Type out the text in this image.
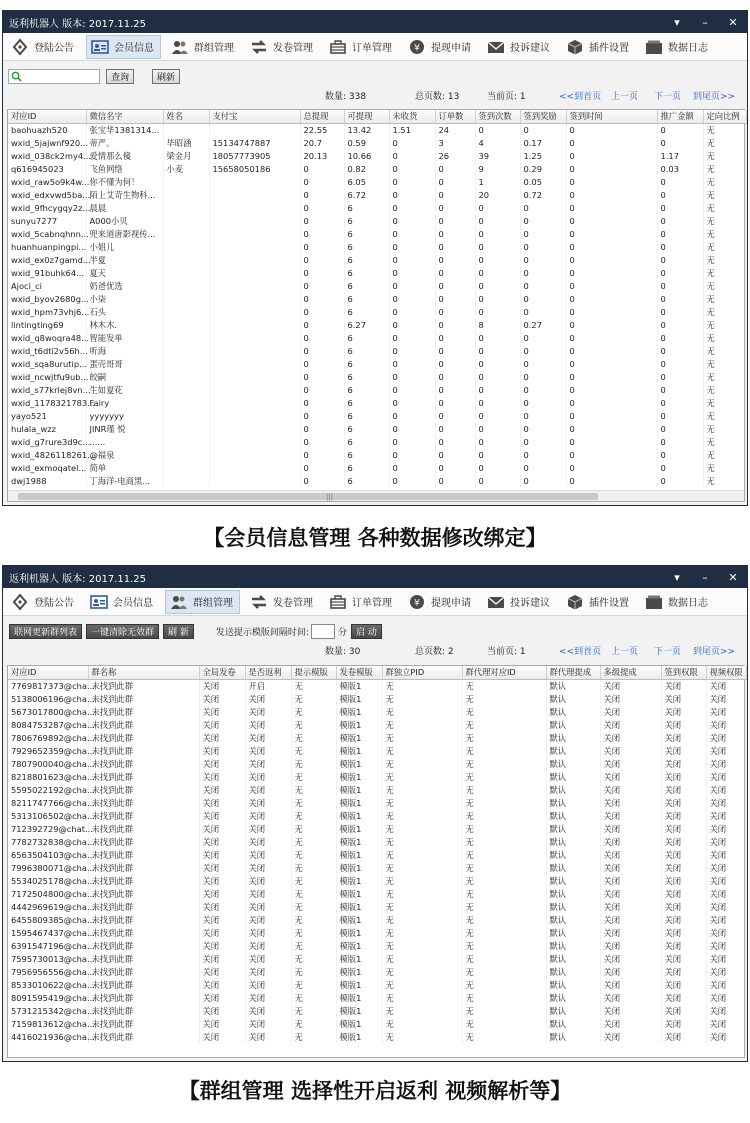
返利机器人 版本: 2017.11.25	▾	–	✕
登陆公告	会员信息	群组管理	发卷管理	订单管理 ¥ 提现申请	投诉建议	插件设置	数据日志
查询	刷新
数量: 338	总页数: 13	当前页: 1	<<到首页 上一页 下一页 到尾页>>
对应ID	微信名字	姓名	支付宝	总提现	可提现	未收货	订单数	签到次数	签到奖励	签到时间	推广金额	定向比例
baohuazh520	张宝华1381314...			22.55	13.42	1.51	24	0	0	0	0	无
wxid_5jajwnf920...	蒂严。	毕昭涵	15134747887	20.7	0.59	0	3	4	0.17	0	0	无
wxid_038ck2my4...	爱情那么傻	梁金月	18057773905	20.13	10.66	0	26	39	1.25	0	1.17	无
q616945023	飞鱼网络	小麦	15658050186	0	0.82	0	0	9	0.29	0	0.03	无
wxid_raw5o9k4w...	你不懂为何！			0	6.05	0	0	1	0.05	0	0	无
wxid_edxvwd5ba...	陌上艾苛生物科...			0	6.72	0	0	20	0.72	0	0	无
wxid_9fhcygqy2z...	晨晨			0	6	0	0	0	0	0	0	无
sunyu7277	A000小贝			0	6	0	0	0	0	0	0	无
wxid_5cabnqhnn...	兜来道唐影视传...			0	6	0	0	0	0	0	0	无
huanhuanpingpi...	小姐儿			0	6	0	0	0	0	0	0	无
wxid_ex0z7gamd...	半夏			0	6	0	0	0	0	0	0	无
wxid_91buhk64...	夏天			0	6	0	0	0	0	0	0	无
Ajoci_ci	奶爸优选			0	6	0	0	0	0	0	0	无
wxid_byov2680g...	小柒			0	6	0	0	0	0	0	0	无
wxid_hpm73vhj6...	石头			0	6	0	0	0	0	0	0	无
lintingting69	林木木.			0	6.27	0	0	8	0.27	0	0	无
wxid_q8woqra48...	智能发单			0	6	0	0	0	0	0	0	无
wxid_t6dti2v56h...	听海			0	6	0	0	0	0	0	0	无
wxid_sqa8urutip...	蛋壳哥哥			0	6	0	0	0	0	0	0	无
wxid_ncwjtfu9ub...	皎嗣			0	6	0	0	0	0	0	0	无
wxid_s77krlej8vn...	生如夏花			0	6	0	0	0	0	0	0	无
wxid_1178321783...	Fairy			0	6	0	0	0	0	0	0	无
yayo521	yyyyyyy			0	6	0	0	0	0	0	0	无
hulala_wzz	JINR瑾 悦			0	6	0	0	0	0	0	0	无
wxid_g7rure3d9c...	......			0	6	0	0	0	0	0	0	无
wxid_4826118261...	@福泉			0	6	0	0	0	0	0	0	无
wxid_exmoqatel...	简单			0	6	0	0	0	0	0	0	无
dwj1988	丁海洋-电商黑...			0	6	0	0	0	0	0	0	无
|||
【会员信息管理 各种数据修改绑定】
返利机器人 版本: 2017.11.25	▾	–	✕
登陆公告	会员信息	群组管理	发卷管理	订单管理 ¥ 提现申请	投诉建议	插件设置	数据日志
联网更新群列表	一键清除无效群	刷 新	发送提示模版间隔时间:	分	启 动
数量: 30	总页数: 2	当前页: 1	<<到首页 上一页 下一页 到尾页>>
对应ID	群名称	全局发卷	是否返利	提示模版	发卷模版	群独立PID	群代理对应ID	群代理提成	多级提成	签到权限	视频权限
7769817373@cha...	未找到此群	关闭	开启	无	模版1	无	无	默认	关闭	关闭	关闭
5138006196@cha...	未找到此群	关闭	关闭	无	模版1	无	无	默认	关闭	关闭	关闭
5673017800@cha...	未找到此群	关闭	关闭	无	模版1	无	无	默认	关闭	关闭	关闭
8084753287@cha...	未找到此群	关闭	关闭	无	模版1	无	无	默认	关闭	关闭	关闭
7806769892@cha...	未找到此群	关闭	关闭	无	模版1	无	无	默认	关闭	关闭	关闭
7929652359@cha...	未找到此群	关闭	关闭	无	模版1	无	无	默认	关闭	关闭	关闭
7807900040@cha...	未找到此群	关闭	关闭	无	模版1	无	无	默认	关闭	关闭	关闭
8218801623@cha...	未找到此群	关闭	关闭	无	模版1	无	无	默认	关闭	关闭	关闭
5595022192@cha...	未找到此群	关闭	关闭	无	模版1	无	无	默认	关闭	关闭	关闭
8211747766@cha...	未找到此群	关闭	关闭	无	模版1	无	无	默认	关闭	关闭	关闭
5313106502@cha...	未找到此群	关闭	关闭	无	模版1	无	无	默认	关闭	关闭	关闭
712392729@chat...	未找到此群	关闭	关闭	无	模版1	无	无	默认	关闭	关闭	关闭
7782732838@cha...	未找到此群	关闭	关闭	无	模版1	无	无	默认	关闭	关闭	关闭
6563504103@cha...	未找到此群	关闭	关闭	无	模版1	无	无	默认	关闭	关闭	关闭
7996380071@cha...	未找到此群	关闭	关闭	无	模版1	无	无	默认	关闭	关闭	关闭
5534025178@cha...	未找到此群	关闭	关闭	无	模版1	无	无	默认	关闭	关闭	关闭
7172504800@cha...	未找到此群	关闭	关闭	无	模版1	无	无	默认	关闭	关闭	关闭
4442969619@cha...	未找到此群	关闭	关闭	无	模版1	无	无	默认	关闭	关闭	关闭
6455809385@cha...	未找到此群	关闭	关闭	无	模版1	无	无	默认	关闭	关闭	关闭
1595467437@cha...	未找到此群	关闭	关闭	无	模版1	无	无	默认	关闭	关闭	关闭
6391547196@cha...	未找到此群	关闭	关闭	无	模版1	无	无	默认	关闭	关闭	关闭
7595730013@cha...	未找到此群	关闭	关闭	无	模版1	无	无	默认	关闭	关闭	关闭
7956956556@cha...	未找到此群	关闭	关闭	无	模版1	无	无	默认	关闭	关闭	关闭
8533010622@cha...	未找到此群	关闭	关闭	无	模版1	无	无	默认	关闭	关闭	关闭
8091595419@cha...	未找到此群	关闭	关闭	无	模版1	无	无	默认	关闭	关闭	关闭
5731215342@cha...	未找到此群	关闭	关闭	无	模版1	无	无	默认	关闭	关闭	关闭
7159813612@cha...	未找到此群	关闭	关闭	无	模版1	无	无	默认	关闭	关闭	关闭
4416021936@cha...	未找到此群	关闭	关闭	无	模版1	无	无	默认	关闭	关闭	关闭
【群组管理 选择性开启返利 视频解析等】
